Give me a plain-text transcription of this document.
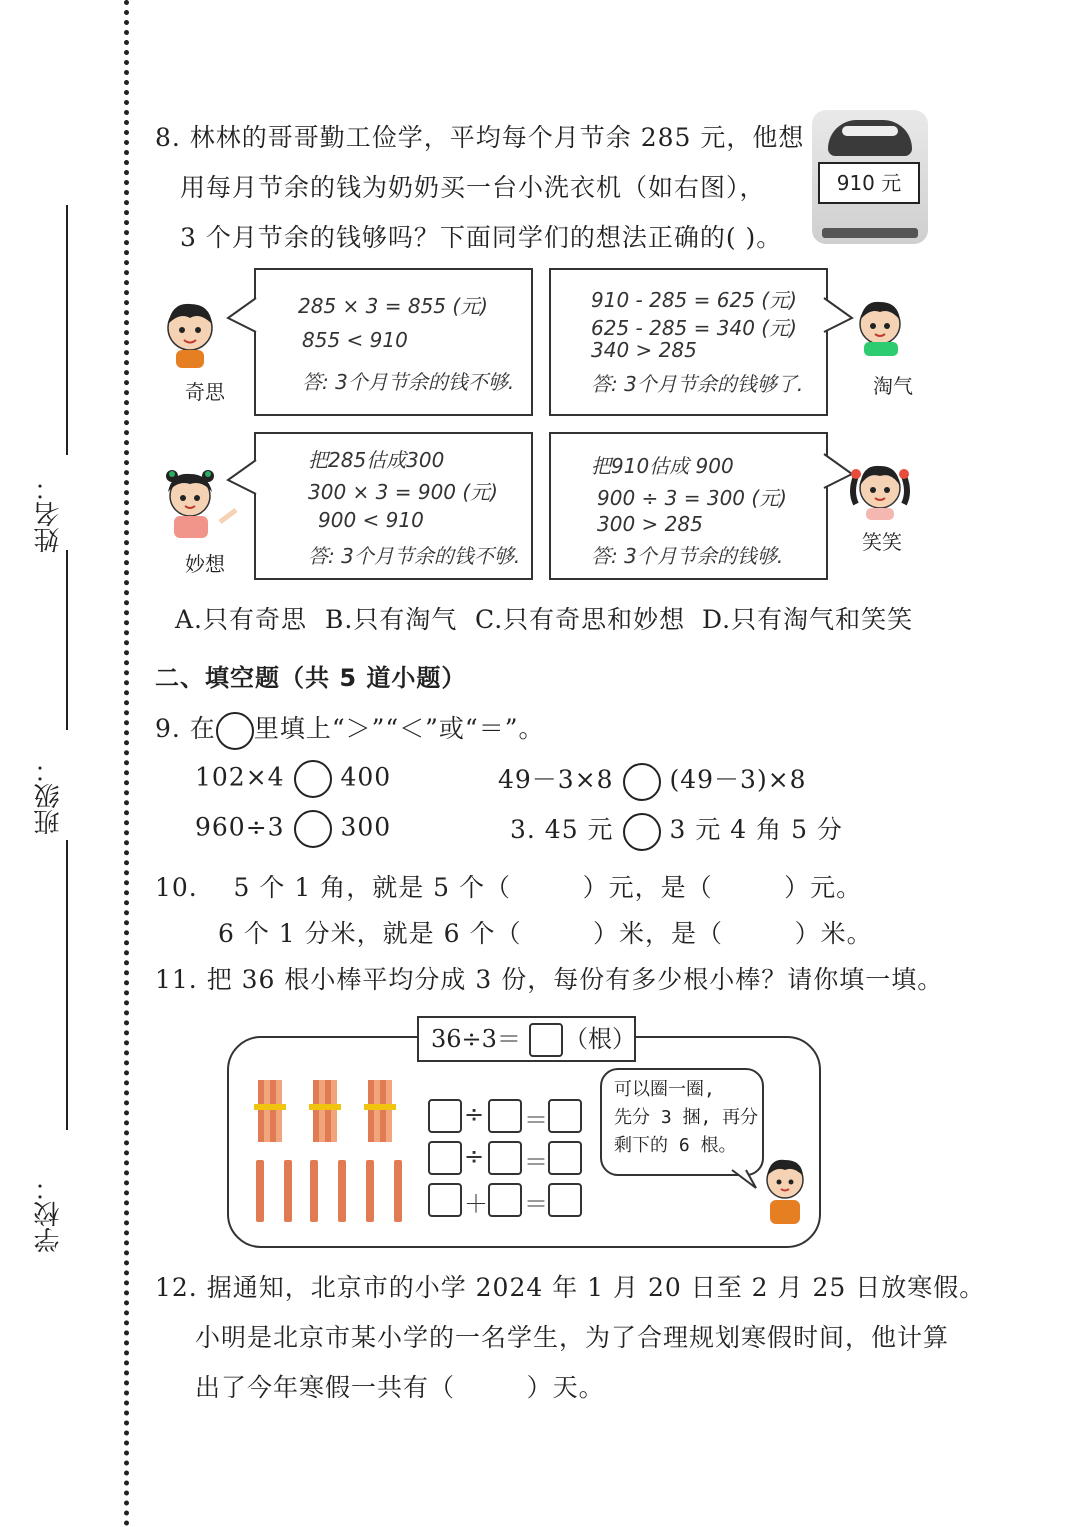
姓名：
班级：
学校：
8. 林林的哥哥勤工俭学，平均每个月节余 285 元，他想
用每月节余的钱为奶奶买一台小洗衣机（如右图），
3 个月节余的钱够吗？下面同学们的想法正确的( )。
910 元
285 × 3 = 855 (元)
855 < 910
答: 3个月节余的钱不够.
910 - 285 = 625 (元)
625 - 285 = 340 (元)
340 > 285
答: 3个月节余的钱够了.
把285估成300
300 × 3 = 900 (元)
900 < 910
答: 3个月节余的钱不够.
把910估成 900
900 ÷ 3 = 300 (元)
300 > 285
答: 3个月节余的钱够.
奇思	淘气
妙想
笑笑
A.只有奇思 B.只有淘气 C.只有奇思和妙想 D.只有淘气和笑笑
二、填空题（共 5 道小题）
9. 在 里填上“＞”“＜”或“＝”。
102×4 400	49－3×8 (49－3)×8
960÷3 300	3. 45 元 3 元 4 角 5 分
10.    5 个 1 角，就是 5 个（        ）元，是（        ）元。
6 个 1 分米，就是 6 个（        ）米，是（        ）米。
11. 把 36 根小棒平均分成 3 份，每份有多少根小棒？请你填一填。
36÷3＝ （根）
÷ ＝
÷ ＝
＋ ＝
可以圈一圈,
先分 3 捆, 再分
剩下的 6 根。
12. 据通知，北京市的小学 2024 年 1 月 20 日至 2 月 25 日放寒假。
小明是北京市某小学的一名学生，为了合理规划寒假时间，他计算
出了今年寒假一共有（        ）天。
